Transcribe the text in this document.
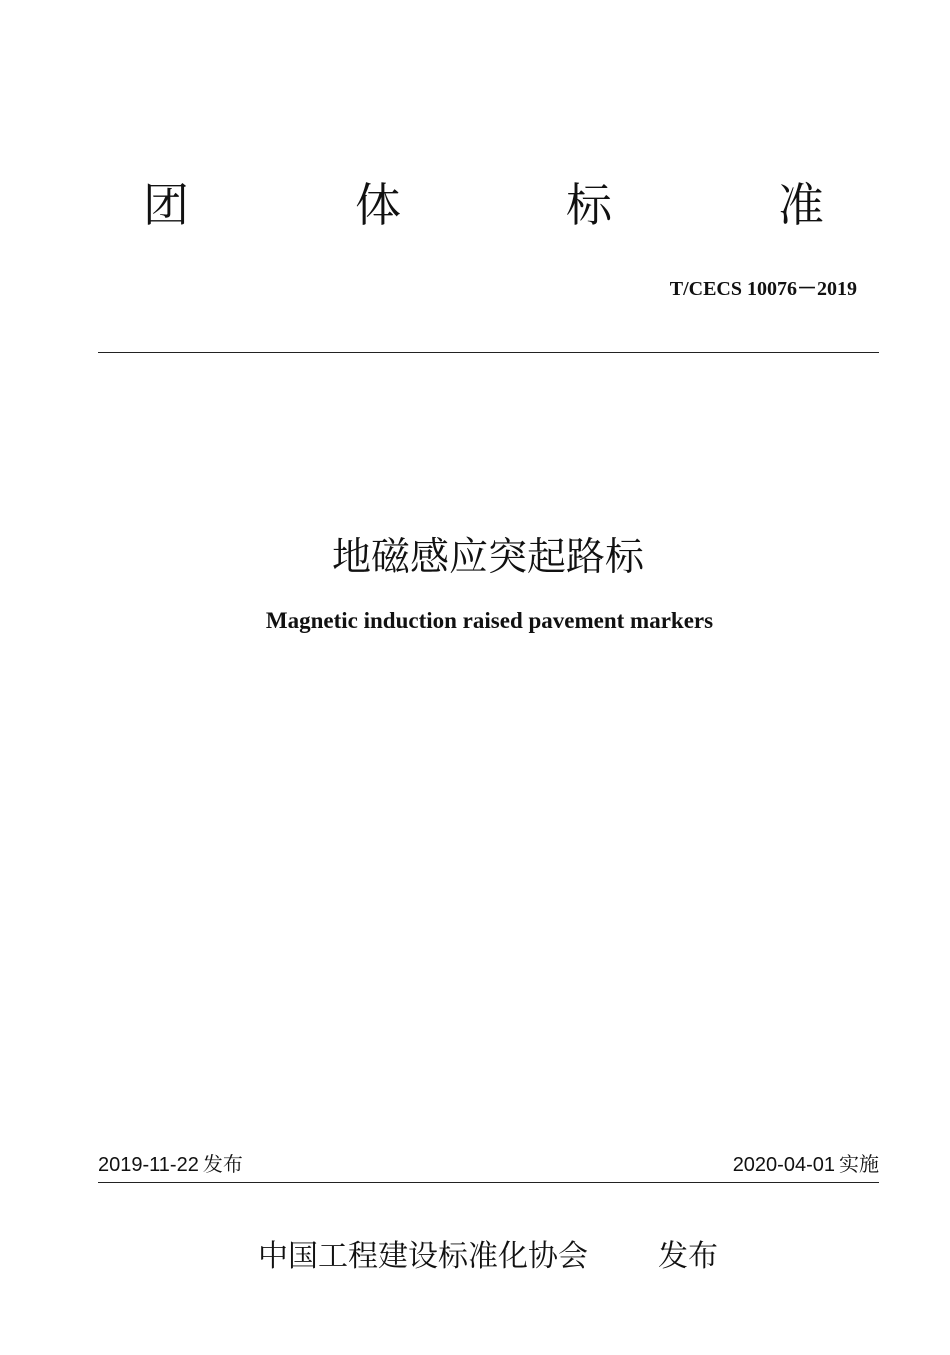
团	体	标	准
T/CECS 10076－2019
地磁感应突起路标
Magnetic induction raised pavement markers
2019-11-22 发布	2020-04-01 实施
中国工程建设标准化协会 发布
